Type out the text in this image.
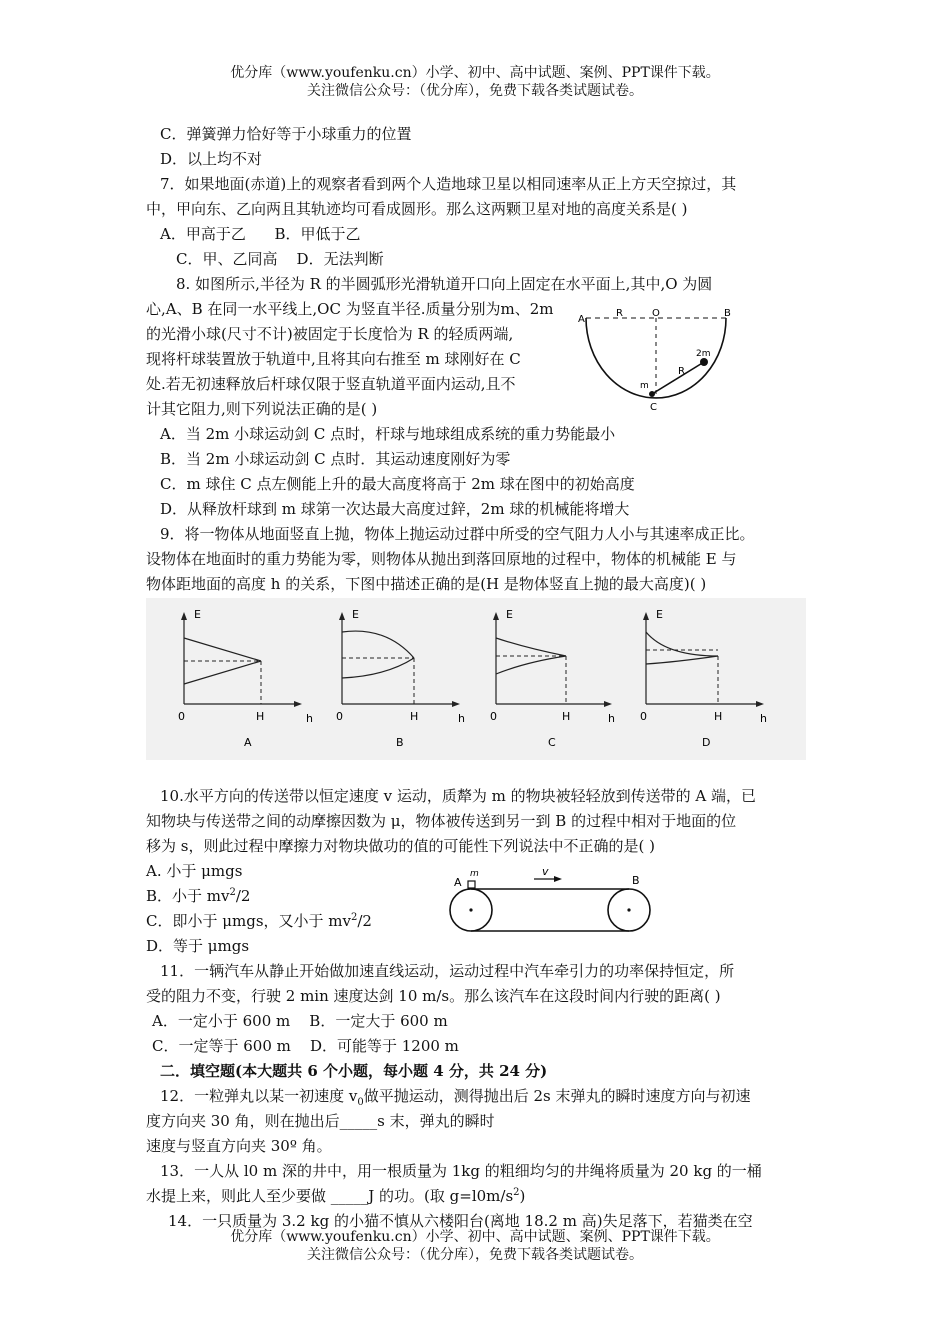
优分库（www.youfenku.cn）小学、初中、高中试题、案例、PPT课件下载。
关注微信公众号：（优分库），免费下载各类试题试卷。
C．弹簧弹力恰好等于小球重力的位置
D．以上均不对
7．如果地面(赤道)上的观察者看到两个人造地球卫星以相同速率从正上方天空掠过，其
中，甲向东、乙向两且其轨迹均可看成圆形。那么这两颗卫星对地的高度关系是( )
A．甲高于乙      B．甲低于乙
C．甲、乙同高    D．无法判断
8. 如图所示,半径为 R 的半圆弧形光滑轨道开口向上固定在水平面上,其中,O 为圆
心,A、B 在同一水平线上,OC 为竖直半径.质量分别为m、2m
的光滑小球(尺寸不计)被固定于长度恰为 R 的轻质两端,
现将杆球装置放于轨道中,且将其向右推至 m 球刚好在 C
处.若无初速释放后杆球仅限于竖直轨道平面内运动,且不
计其它阻力,则下列说法正确的是( )
A．当 2m 小球运动剑 C 点时，杆球与地球组成系统的重力势能最小
B．当 2m 小球运动剑 C 点时．其运动速度刚好为零
C．m 球住 C 点左侧能上升的最大高度将高于 2m 球在图中的初始高度
D．从释放杆球到 m 球第一次达最大高度过鋅，2m 球的机械能将增大
9．将一物体从地面竖直上抛，物体上抛运动过群中所受的空气阻力人小与其速率成正比。
设物体在地面时的重力势能为零，则物体从抛出到落回原地的过程中，物体的机械能 E 与
物体距地面的高度 h 的关系，下图中描述正确的是(H 是物体竖直上抛的最大高度)( )
10.水平方向的传送带以恒定速度 v 运动，质犛为 m 的物块被轻轻放到传送带的 A 端，已
知物块与传送带之间的动摩擦因数为 μ，物体被传送到另一到 B 的过程中相对于地面的位
移为 s，则此过程中摩擦力对物块做功的值的可能性下列说法中不正确的是( )
A. 小于 μmgs
B．小于 $mv^2/2$
C．即小于 μmgs，又小于 $mv^2/2$
D．等于 μmgs
11．一辆汽车从静止开始做加速直线运动，运动过程中汽车牵引力的功率保持恒定，所
受的阻力不变，行驶 2 min 速度达剑 10 m/s。那么该汽车在这段时间内行驶的距离( )
A．一定小于 600 m    B．一定大于 600 m
C．一定等于 600 m    D．可能等于 1200 m
二．填空题(本大题共 6 个小题，每小题 4 分，共 24 分)
12．一粒弹丸以某一初速度 $v_0$做平抛运动，测得抛出后 2s 末弹丸的瞬时速度方向与初速
度方向夹 30 角，则在抛出后_____s 末，弹丸的瞬时
速度与竖直方向夹 30º 角。
13．一人从 l0 m 深的井中，用一根质量为 1kg 的粗细均匀的井绳将质量为 20 kg 的一桶
水提上来，则此人至少要做 _____J 的功。(取 $g=l0m/s^2$)
14．一只质量为 3.2 kg 的小猫不慎从六楼阳台(离地 18.2 m 高)失足落下，若猫类在空
A
R	O	B
2m
R
m
C
E
0	H	h
A
E
0	H	h
B
E
0	H	h
C
E
0	H	h
D
A
m	v
B
优分库（www.youfenku.cn）小学、初中、高中试题、案例、PPT课件下载。
关注微信公众号：（优分库），免费下载各类试题试卷。
